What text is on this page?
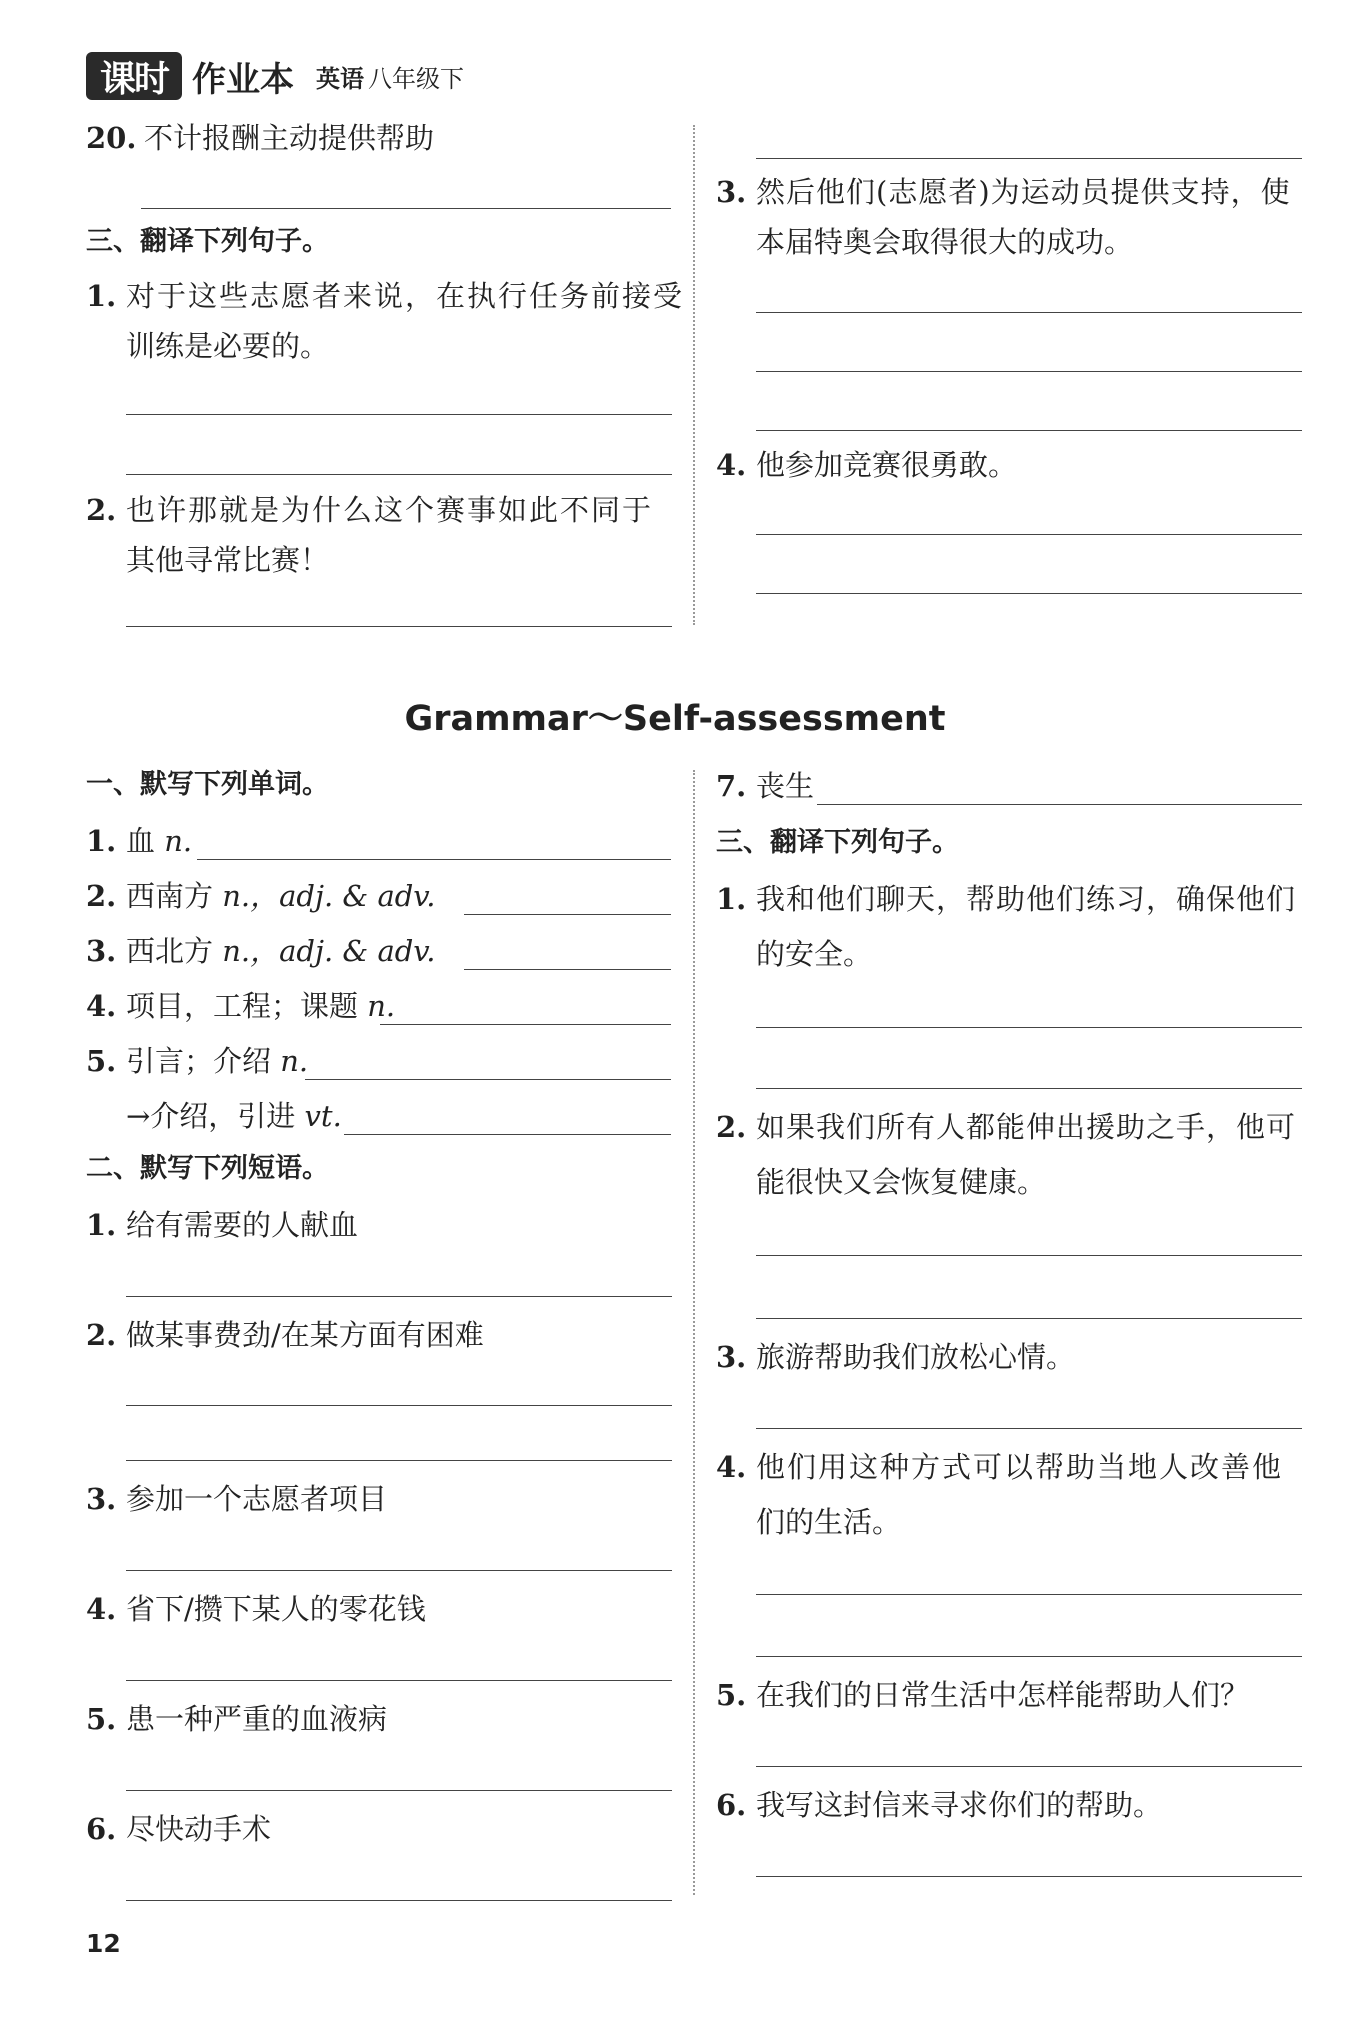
课时 作业本 英语 八年级下
20. 不计报酬主动提供帮助
三、翻译下列句子。
1. 对于这些志愿者来说，在执行任务前接受
训练是必要的。
2. 也许那就是为什么这个赛事如此不同于
其他寻常比赛！
3. 然后他们(志愿者)为运动员提供支持，使
本届特奥会取得很大的成功。
4. 他参加竞赛很勇敢。
Grammar～Self-assessment
一、默写下列单词。
1. 血 n.
2. 西南方 n.，adj. & adv.
3. 西北方 n.，adj. & adv.
4. 项目，工程；课题 n.
5. 引言；介绍 n.
→介绍，引进 vt.
二、默写下列短语。
1. 给有需要的人献血
2. 做某事费劲/在某方面有困难
3. 参加一个志愿者项目
4. 省下/攒下某人的零花钱
5. 患一种严重的血液病
6. 尽快动手术
7. 丧生
三、翻译下列句子。
1. 我和他们聊天，帮助他们练习，确保他们
的安全。
2. 如果我们所有人都能伸出援助之手，他可
能很快又会恢复健康。
3. 旅游帮助我们放松心情。
4. 他们用这种方式可以帮助当地人改善他
们的生活。
5. 在我们的日常生活中怎样能帮助人们？
6. 我写这封信来寻求你们的帮助。
12
